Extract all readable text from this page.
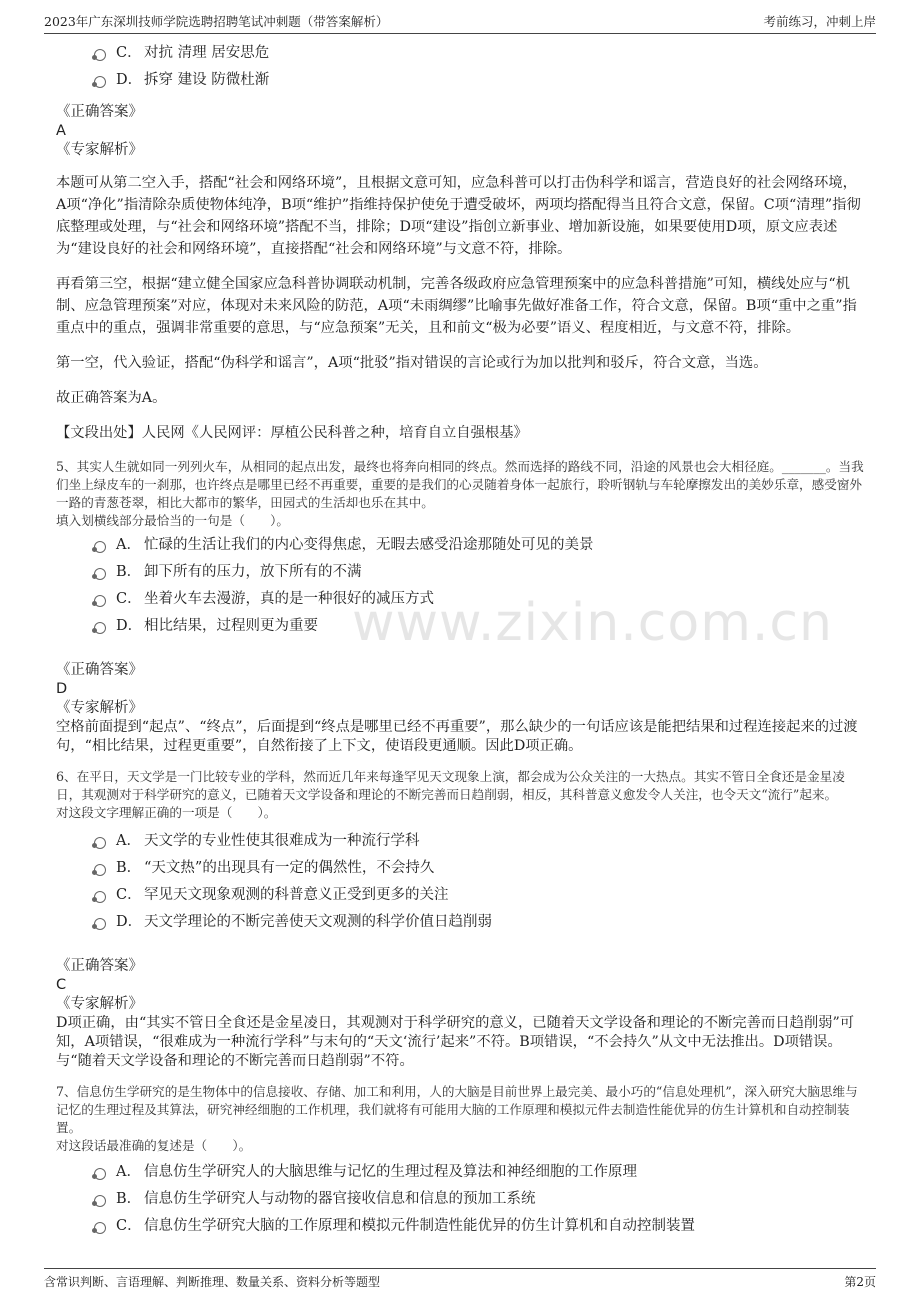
2023年广东深圳技师学院选聘招聘笔试冲刺题（带答案解析）	考前练习，冲刺上岸
www.zixin.com.cn
C． 对抗 清理 居安思危
D． 拆穿 建设 防微杜渐
《正确答案》
A
《专家解析》

本题可从第二空入手，搭配“社会和网络环境”，且根据文意可知，应急科普可以打击伪科学和谣言，营造良好的社会网络环境，A项“净化”指清除杂质使物体纯净，B项“维护”指维持保护使免于遭受破坏，两项均搭配得当且符合文意，保留。C项“清理”指彻底整理或处理，与“社会和网络环境”搭配不当，排除；D项“建设”指创立新事业、增加新设施，如果要使用D项，原文应表述为“建设良好的社会和网络环境”，直接搭配“社会和网络环境”与文意不符，排除。

再看第三空，根据“建立健全国家应急科普协调联动机制，完善各级政府应急管理预案中的应急科普措施”可知，横线处应与“机制、应急管理预案”对应，体现对未来风险的防范，A项“未雨绸缪”比喻事先做好准备工作，符合文意，保留。B项“重中之重”指重点中的重点，强调非常重要的意思，与“应急预案”无关，且和前文“极为必要”语义、程度相近，与文意不符，排除。

第一空，代入验证，搭配“伪科学和谣言”，A项“批驳”指对错误的言论或行为加以批判和驳斥，符合文意，当选。

故正确答案为A。

【文段出处】人民网《人民网评：厚植公民科普之种，培育自立自强根基》

5、其实人生就如同一列列火车，从相同的起点出发，最终也将奔向相同的终点。然而选择的路线不同，沿途的风景也会大相径庭。_______。当我们坐上绿皮车的一刹那，也许终点是哪里已经不再重要，重要的是我们的心灵随着身体一起旅行，聆听钢轨与车轮摩擦发出的美妙乐章，感受窗外一路的青葱苍翠，相比大都市的繁华，田园式的生活却也乐在其中。

填入划横线部分最恰当的一句是（　　）。

A． 忙碌的生活让我们的内心变得焦虑，无暇去感受沿途那随处可见的美景
B． 卸下所有的压力，放下所有的不满
C． 坐着火车去漫游，真的是一种很好的减压方式
D． 相比结果，过程则更为重要
《正确答案》
D
《专家解析》

空格前面提到“起点”、“终点”，后面提到“终点是哪里已经不再重要”，那么缺少的一句话应该是能把结果和过程连接起来的过渡句，“相比结果，过程更重要”，自然衔接了上下文，使语段更通顺。因此D项正确。

6、在平日，天文学是一门比较专业的学科，然而近几年来每逢罕见天文现象上演，都会成为公众关注的一大热点。其实不管日全食还是金星凌日，其观测对于科学研究的意义，已随着天文学设备和理论的不断完善而日趋削弱，相反，其科普意义愈发令人关注，也令天文“流行”起来。

对这段文字理解正确的一项是（　　）。

A． 天文学的专业性使其很难成为一种流行学科
B． “天文热”的出现具有一定的偶然性，不会持久
C． 罕见天文现象观测的科普意义正受到更多的关注
D． 天文学理论的不断完善使天文观测的科学价值日趋削弱
《正确答案》
C
《专家解析》

D项正确，由“其实不管日全食还是金星凌日，其观测对于科学研究的意义，已随着天文学设备和理论的不断完善而日趋削弱”可知，A项错误，“很难成为一种流行学科”与末句的“天文‘流行’起来”不符。B项错误，“不会持久”从文中无法推出。D项错误。与“随着天文学设备和理论的不断完善而日趋削弱”不符。

7、信息仿生学研究的是生物体中的信息接收、存储、加工和利用，人的大脑是目前世界上最完美、最小巧的“信息处理机”，深入研究大脑思维与记忆的生理过程及其算法，研究神经细胞的工作机理，我们就将有可能用大脑的工作原理和模拟元件去制造性能优异的仿生计算机和自动控制装置。

对这段话最准确的复述是（　　）。

A． 信息仿生学研究人的大脑思维与记忆的生理过程及算法和神经细胞的工作原理
B． 信息仿生学研究人与动物的器官接收信息和信息的预加工系统
C． 信息仿生学研究大脑的工作原理和模拟元件制造性能优异的仿生计算机和自动控制装置
含常识判断、言语理解、判断推理、数量关系、资料分析等题型	第2页
